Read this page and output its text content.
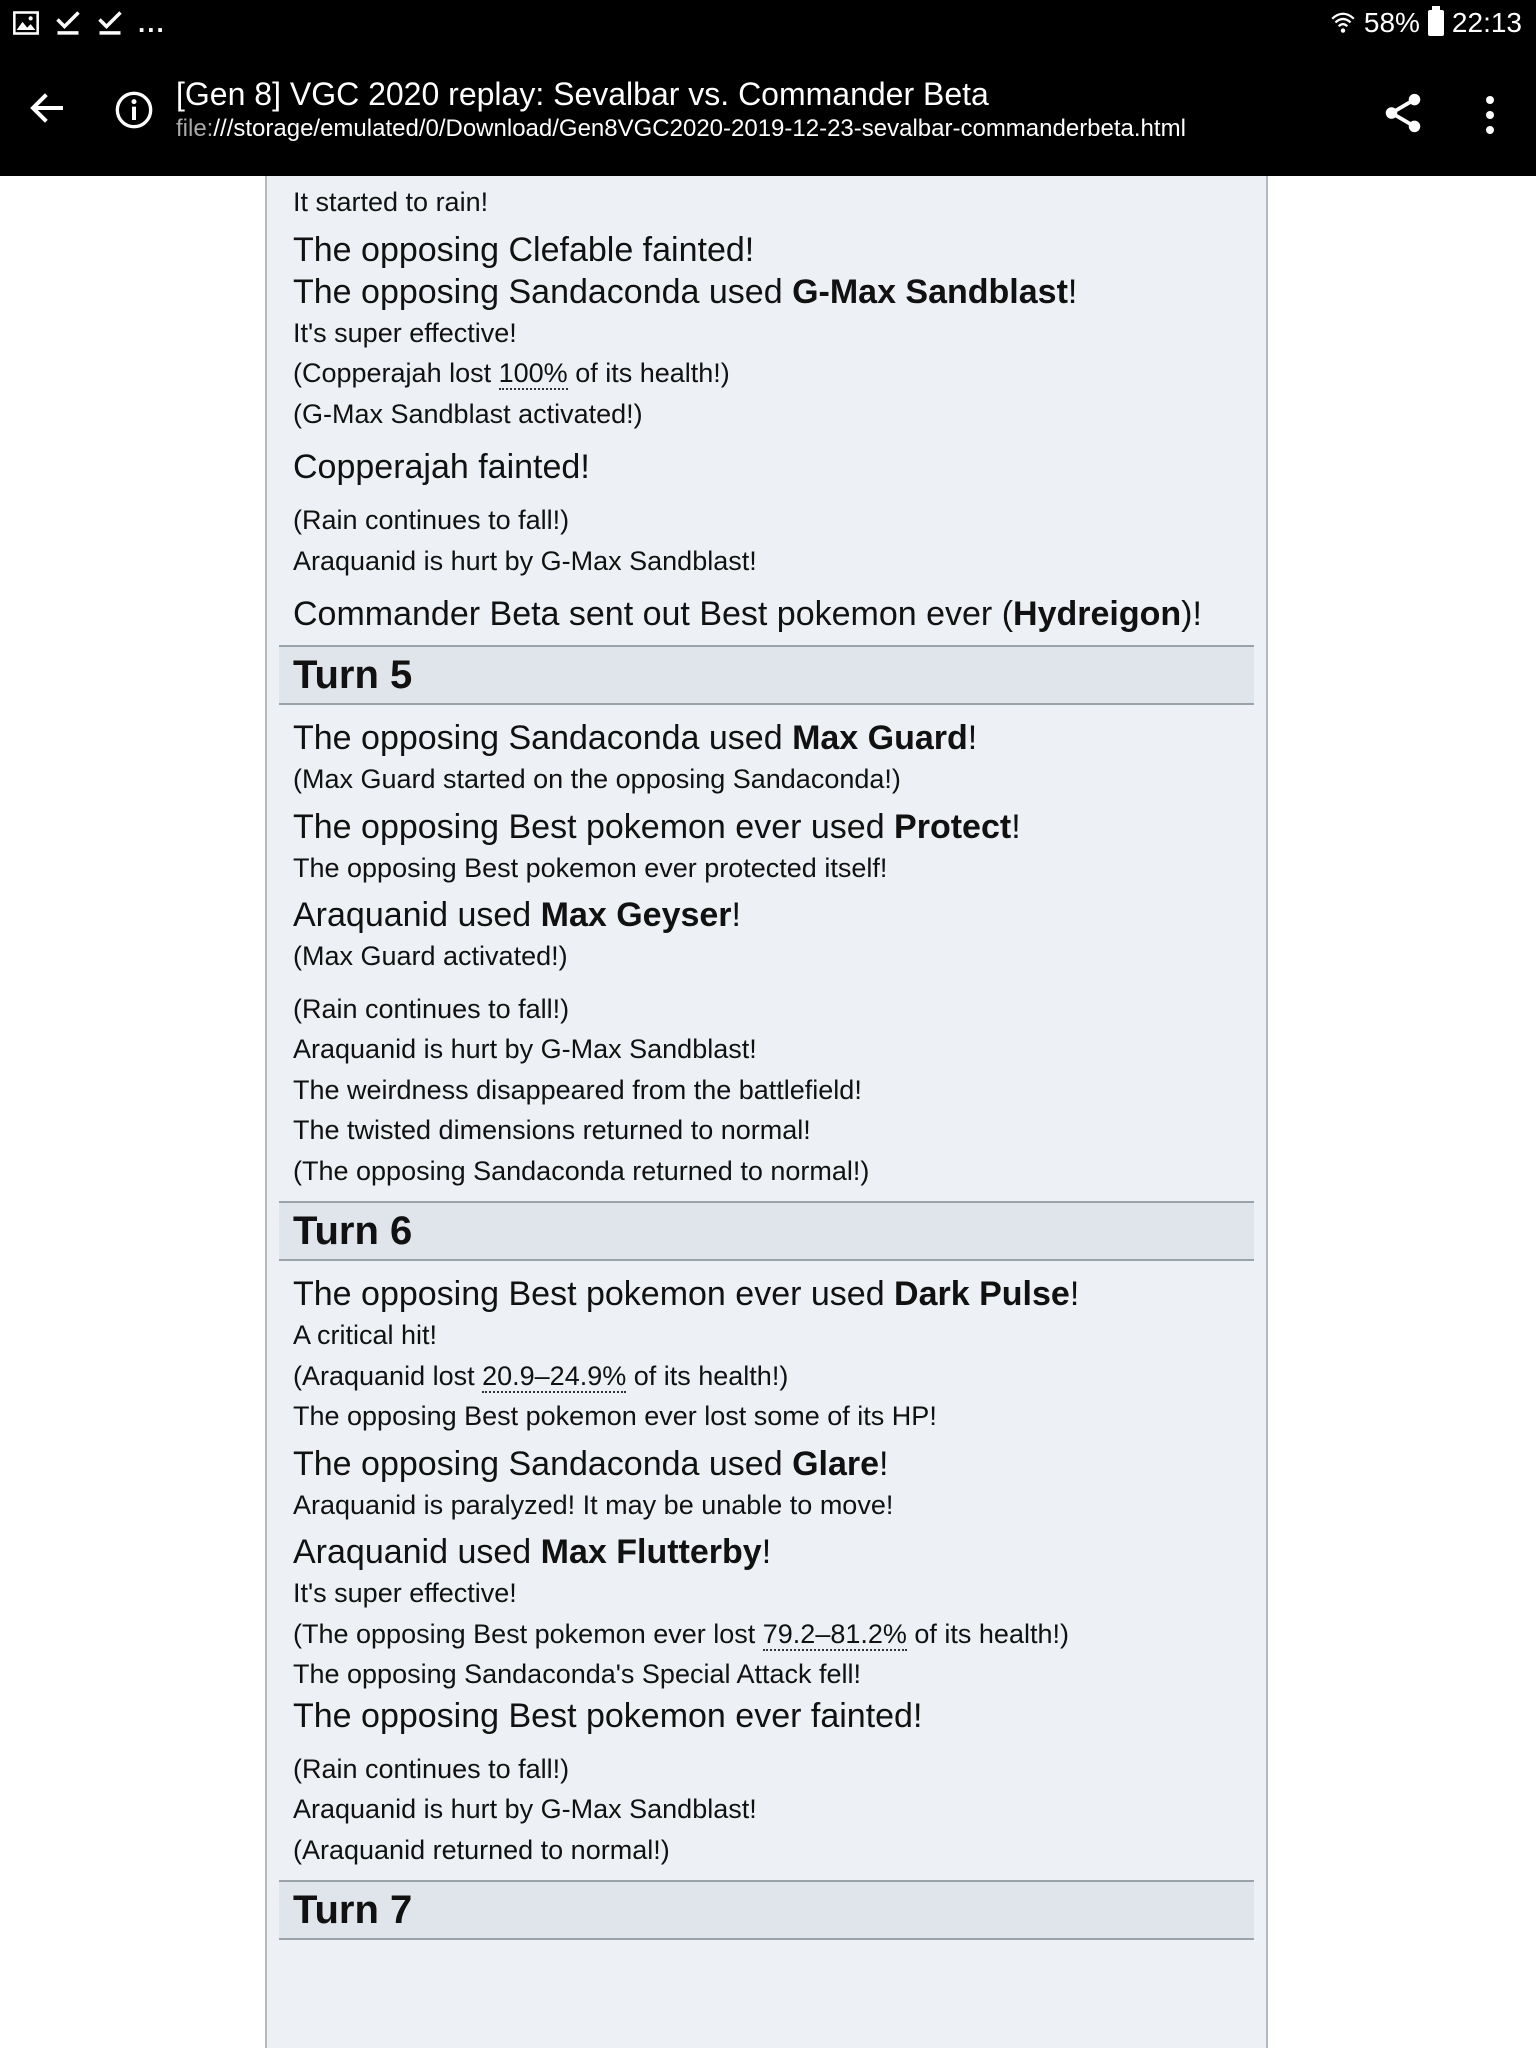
...	58% 22:13
[Gen 8] VGC 2020 replay: Sevalbar vs. Commander Beta
file:///storage/emulated/0/Download/Gen8VGC2020-2019-12-23-sevalbar-commanderbeta.html
It started to rain!
The opposing Clefable fainted!
The opposing Sandaconda used G-Max Sandblast!
It's super effective!
(Copperajah lost 100% of its health!)
(G-Max Sandblast activated!)
Copperajah fainted!
(Rain continues to fall!)
Araquanid is hurt by G-Max Sandblast!
Commander Beta sent out Best pokemon ever (Hydreigon)!
Turn 5
The opposing Sandaconda used Max Guard!
(Max Guard started on the opposing Sandaconda!)
The opposing Best pokemon ever used Protect!
The opposing Best pokemon ever protected itself!
Araquanid used Max Geyser!
(Max Guard activated!)
(Rain continues to fall!)
Araquanid is hurt by G-Max Sandblast!
The weirdness disappeared from the battlefield!
The twisted dimensions returned to normal!
(The opposing Sandaconda returned to normal!)
Turn 6
The opposing Best pokemon ever used Dark Pulse!
A critical hit!
(Araquanid lost 20.9–24.9% of its health!)
The opposing Best pokemon ever lost some of its HP!
The opposing Sandaconda used Glare!
Araquanid is paralyzed! It may be unable to move!
Araquanid used Max Flutterby!
It's super effective!
(The opposing Best pokemon ever lost 79.2–81.2% of its health!)
The opposing Sandaconda's Special Attack fell!
The opposing Best pokemon ever fainted!
(Rain continues to fall!)
Araquanid is hurt by G-Max Sandblast!
(Araquanid returned to normal!)
Turn 7
